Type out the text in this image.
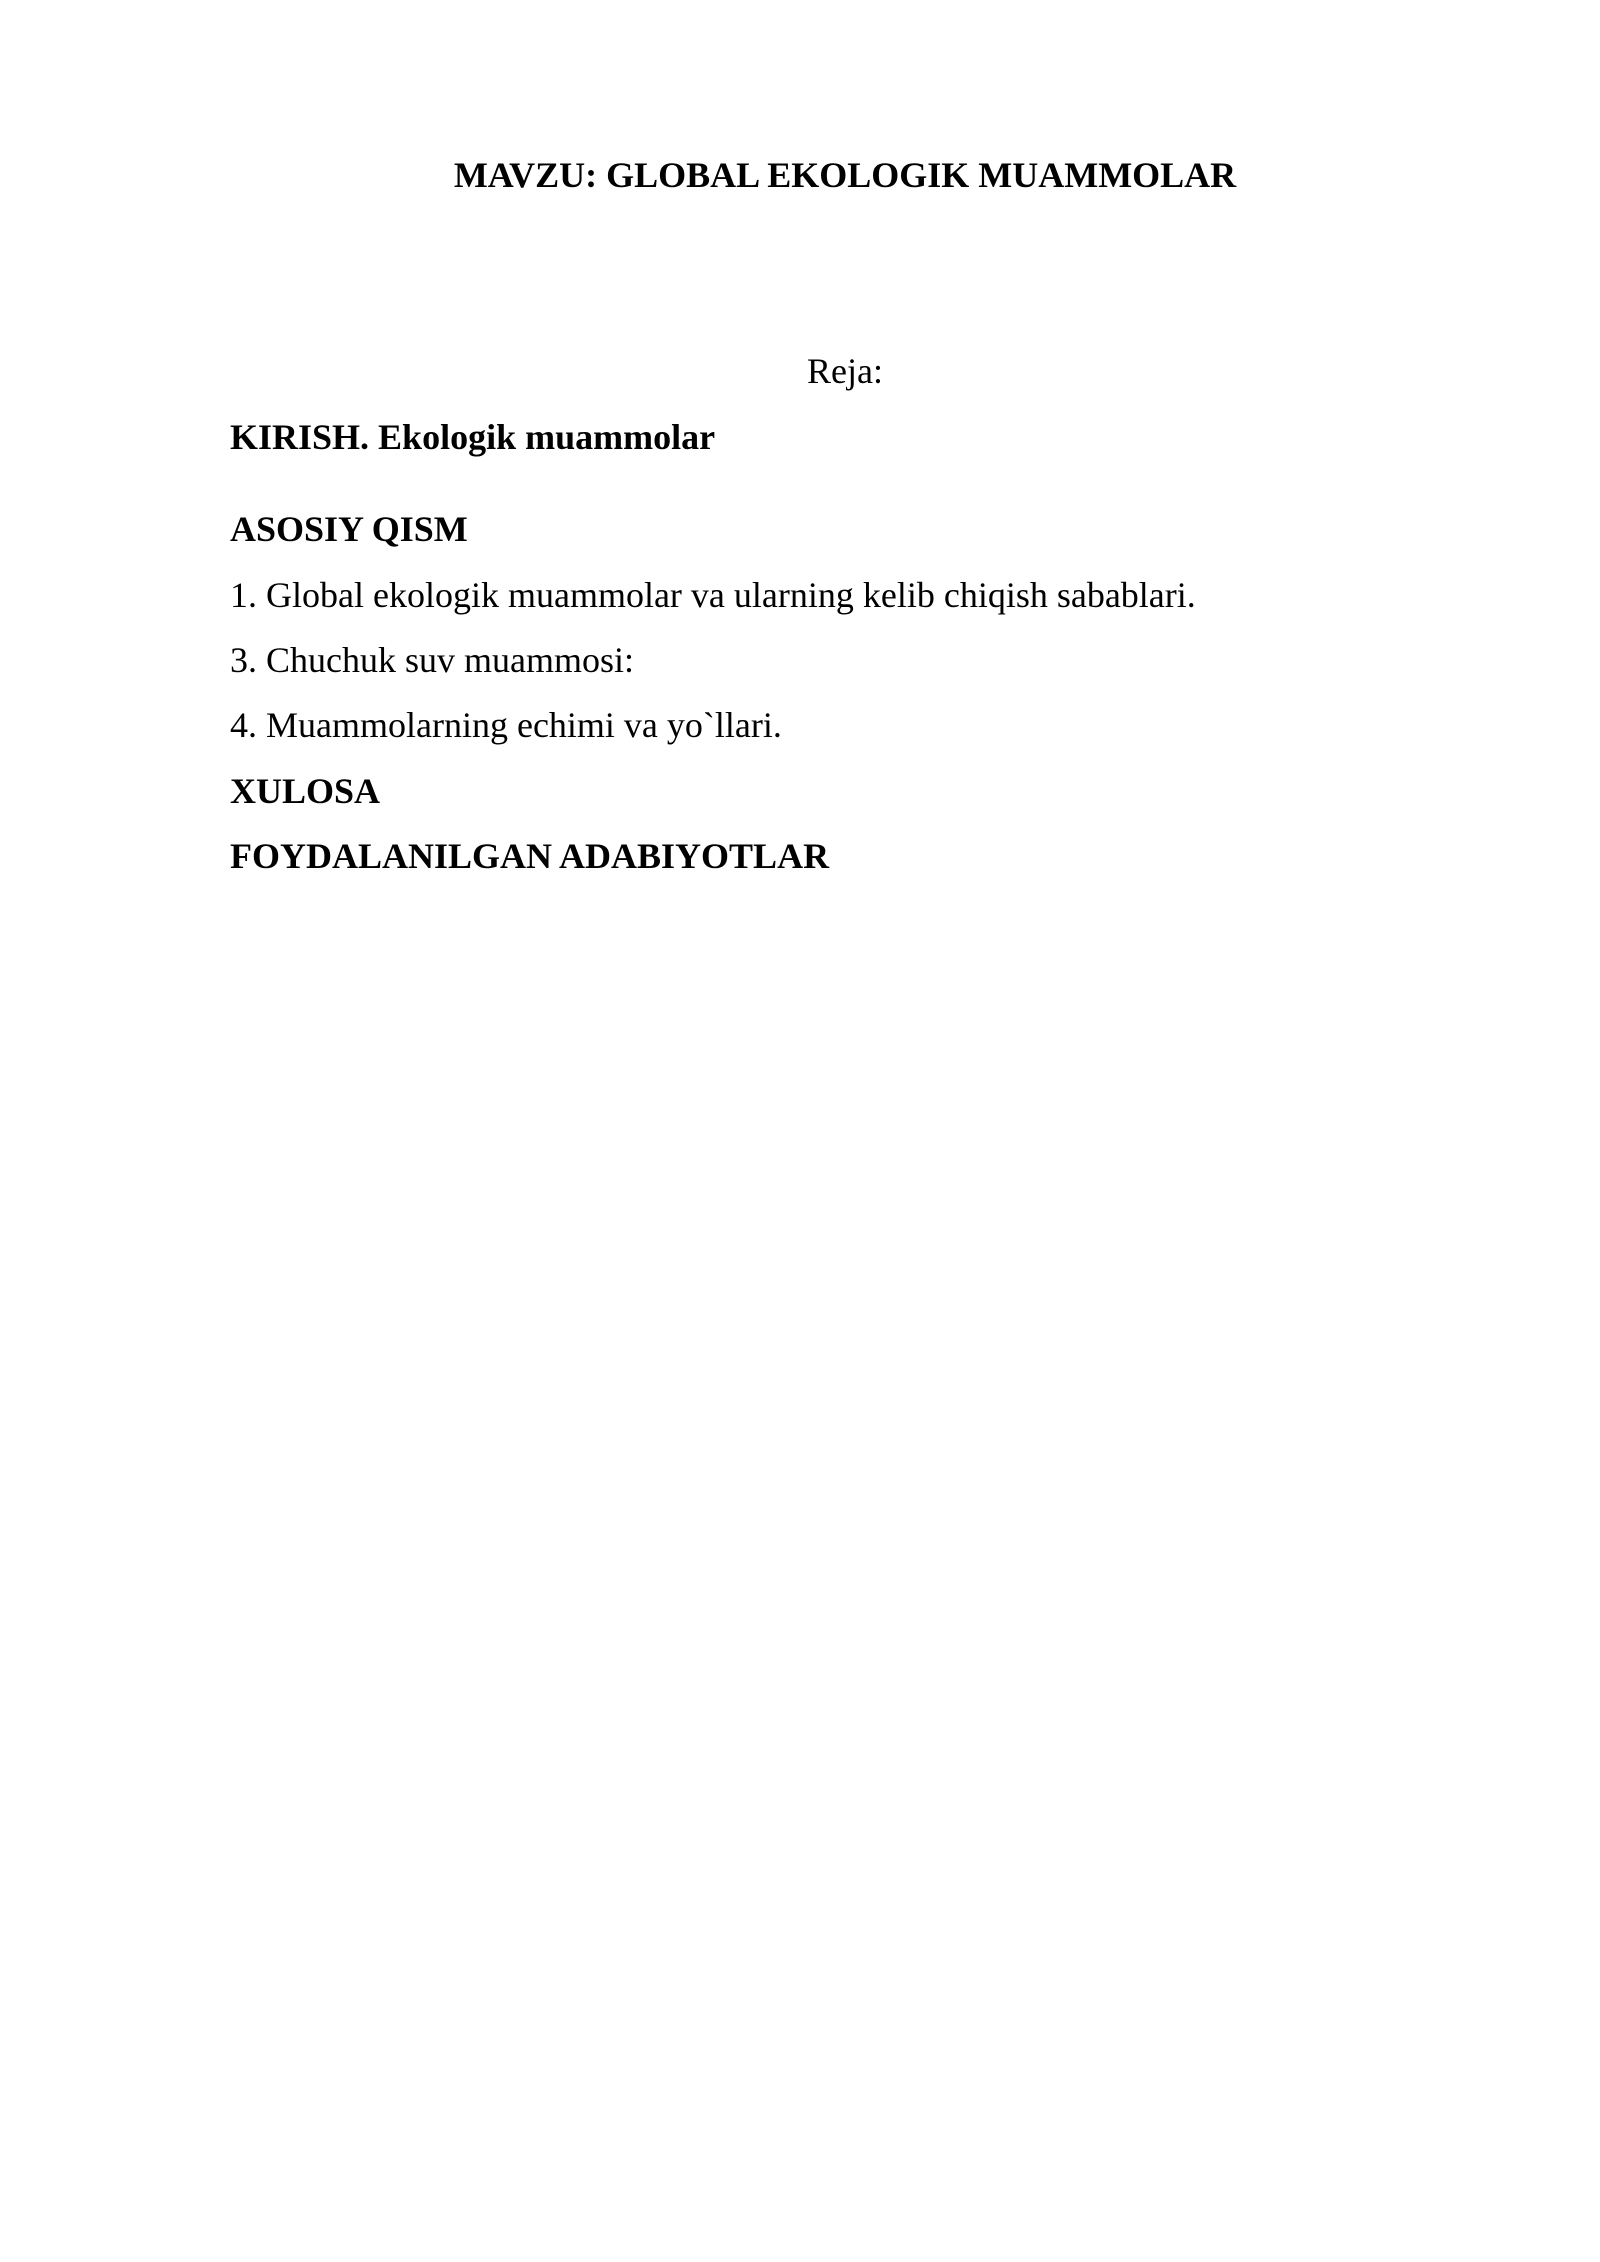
MAVZU: GLOBAL EKOLOGIK MUAMMOLAR
Reja:
KIRISH. Ekologik muammolar
ASOSIY QISM
1. Global ekologik muammolar va ularning kelib chiqish sabablari.
3. Chuchuk suv muammosi:
4. Muammolarning echimi va yo`llari.
XULOSA
FOYDALANILGAN ADABIYOTLAR
